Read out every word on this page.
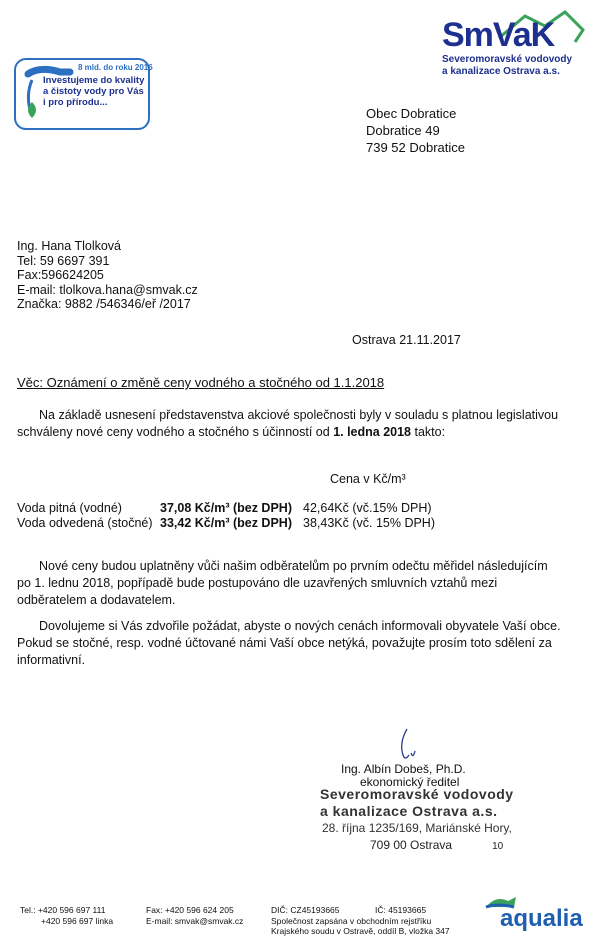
SmVaK
Severomoravské vodovody
a kanalizace Ostrava a.s.
8 mld. do roku 2016
Investujeme do kvality
a čistoty vody pro Vás
i pro přírodu...
Obec Dobratice
Dobratice 49
739 52 Dobratice
Ing. Hana Tlolková
Tel: 59 6697 391
Fax:596624205
E-mail: tlolkova.hana@smvak.cz
Značka: 9882 /546346/eř /2017
Ostrava 21.11.2017
Věc: Oznámení o změně ceny vodného a stočného od 1.1.2018
Na základě usnesení představenstva akciové společnosti byly v souladu s platnou legislativou
schváleny nové ceny vodného a stočného s účinností od 1. ledna 2018 takto:
Cena v Kč/m³
Voda pitná (vodné)	37,08 Kč/m³ (bez DPH) 42,64Kč (vč.15% DPH)
Voda odvedená (stočné) 33,42 Kč/m³ (bez DPH) 38,43Kč (vč. 15% DPH)
Nové ceny budou uplatněny vůči našim odběratelům po prvním odečtu měřidel následujícím
po 1. lednu 2018, popřípadě bude postupováno dle uzavřených smluvních vztahů mezi
odběratelem a dodavatelem.
Dovolujeme si Vás zdvořile požádat, abyste o nových cenách informovali obyvatele Vaší obce.
Pokud se stočné, resp. vodné účtované námi Vaší obce netýká, považujte prosím toto sdělení za
informativní.
Ing. Albín Dobeš, Ph.D.
ekonomický ředitel
Severomoravské vodovody
a kanalizace Ostrava a.s.
28. října 1235/169, Mariánské Hory,
709 00 Ostrava	10
Tel.: +420 596 697 111
+420 596 697 linka
Fax: +420 596 624 205
E-mail: smvak@smvak.cz
DIČ: CZ45193665	IČ: 45193665
Společnost zapsána v obchodním rejstříku
Krajského soudu v Ostravě, oddíl B, vložka 347 aqualia
